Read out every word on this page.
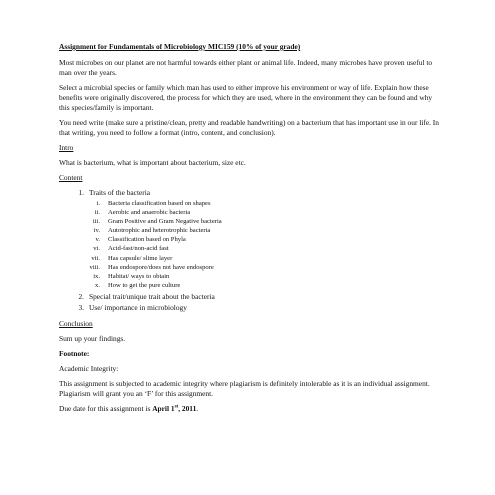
Assignment for Fundamentals of Microbiology MIC159 (10% of your grade)
Most microbes on our planet are not harmful towards either plant or animal life. Indeed, many microbes have proven useful to man over the years.
Select a microbial species or family which man has used to either improve his environment or way of life. Explain how these benefits were originally discovered, the process for which they are used, where in the environment they can be found and why this species/family is important.
You need write (make sure a pristine/clean, pretty and readable handwriting) on a bacterium that has important use in our life. In that writing, you need to follow a format (intro, content, and conclusion).
Intro
What is bacterium, what is important about bacterium, size etc.
Content
1. Traits of the bacteria
i.	Bacteria classification based on shapes
ii.	Aerobic and anaerobic bacteria
iii.	Gram Positive and Gram Negative bacteria
iv.	Autotrophic and heterotrophic bacteria
v.	Classification based on Phyla
vi.	Acid-fast/non-acid fast
vii.	Has capsule/ slime layer
viii.	Has endospore/does not have endospore
ix.	Habitat/ ways to obtain
x.	How to get the pure culture
2. Special trait/unique trait about the bacteria
3. Use/ importance in microbiology
Conclusion
Sum up your findings.
Footnote:
Academic Integrity:
This assignment is subjected to academic integrity where plagiarism is definitely intolerable as it is an individual assignment. Plagiarism will grant you an ‘F’ for this assignment.
Due date for this assignment is April 1st, 2011.
